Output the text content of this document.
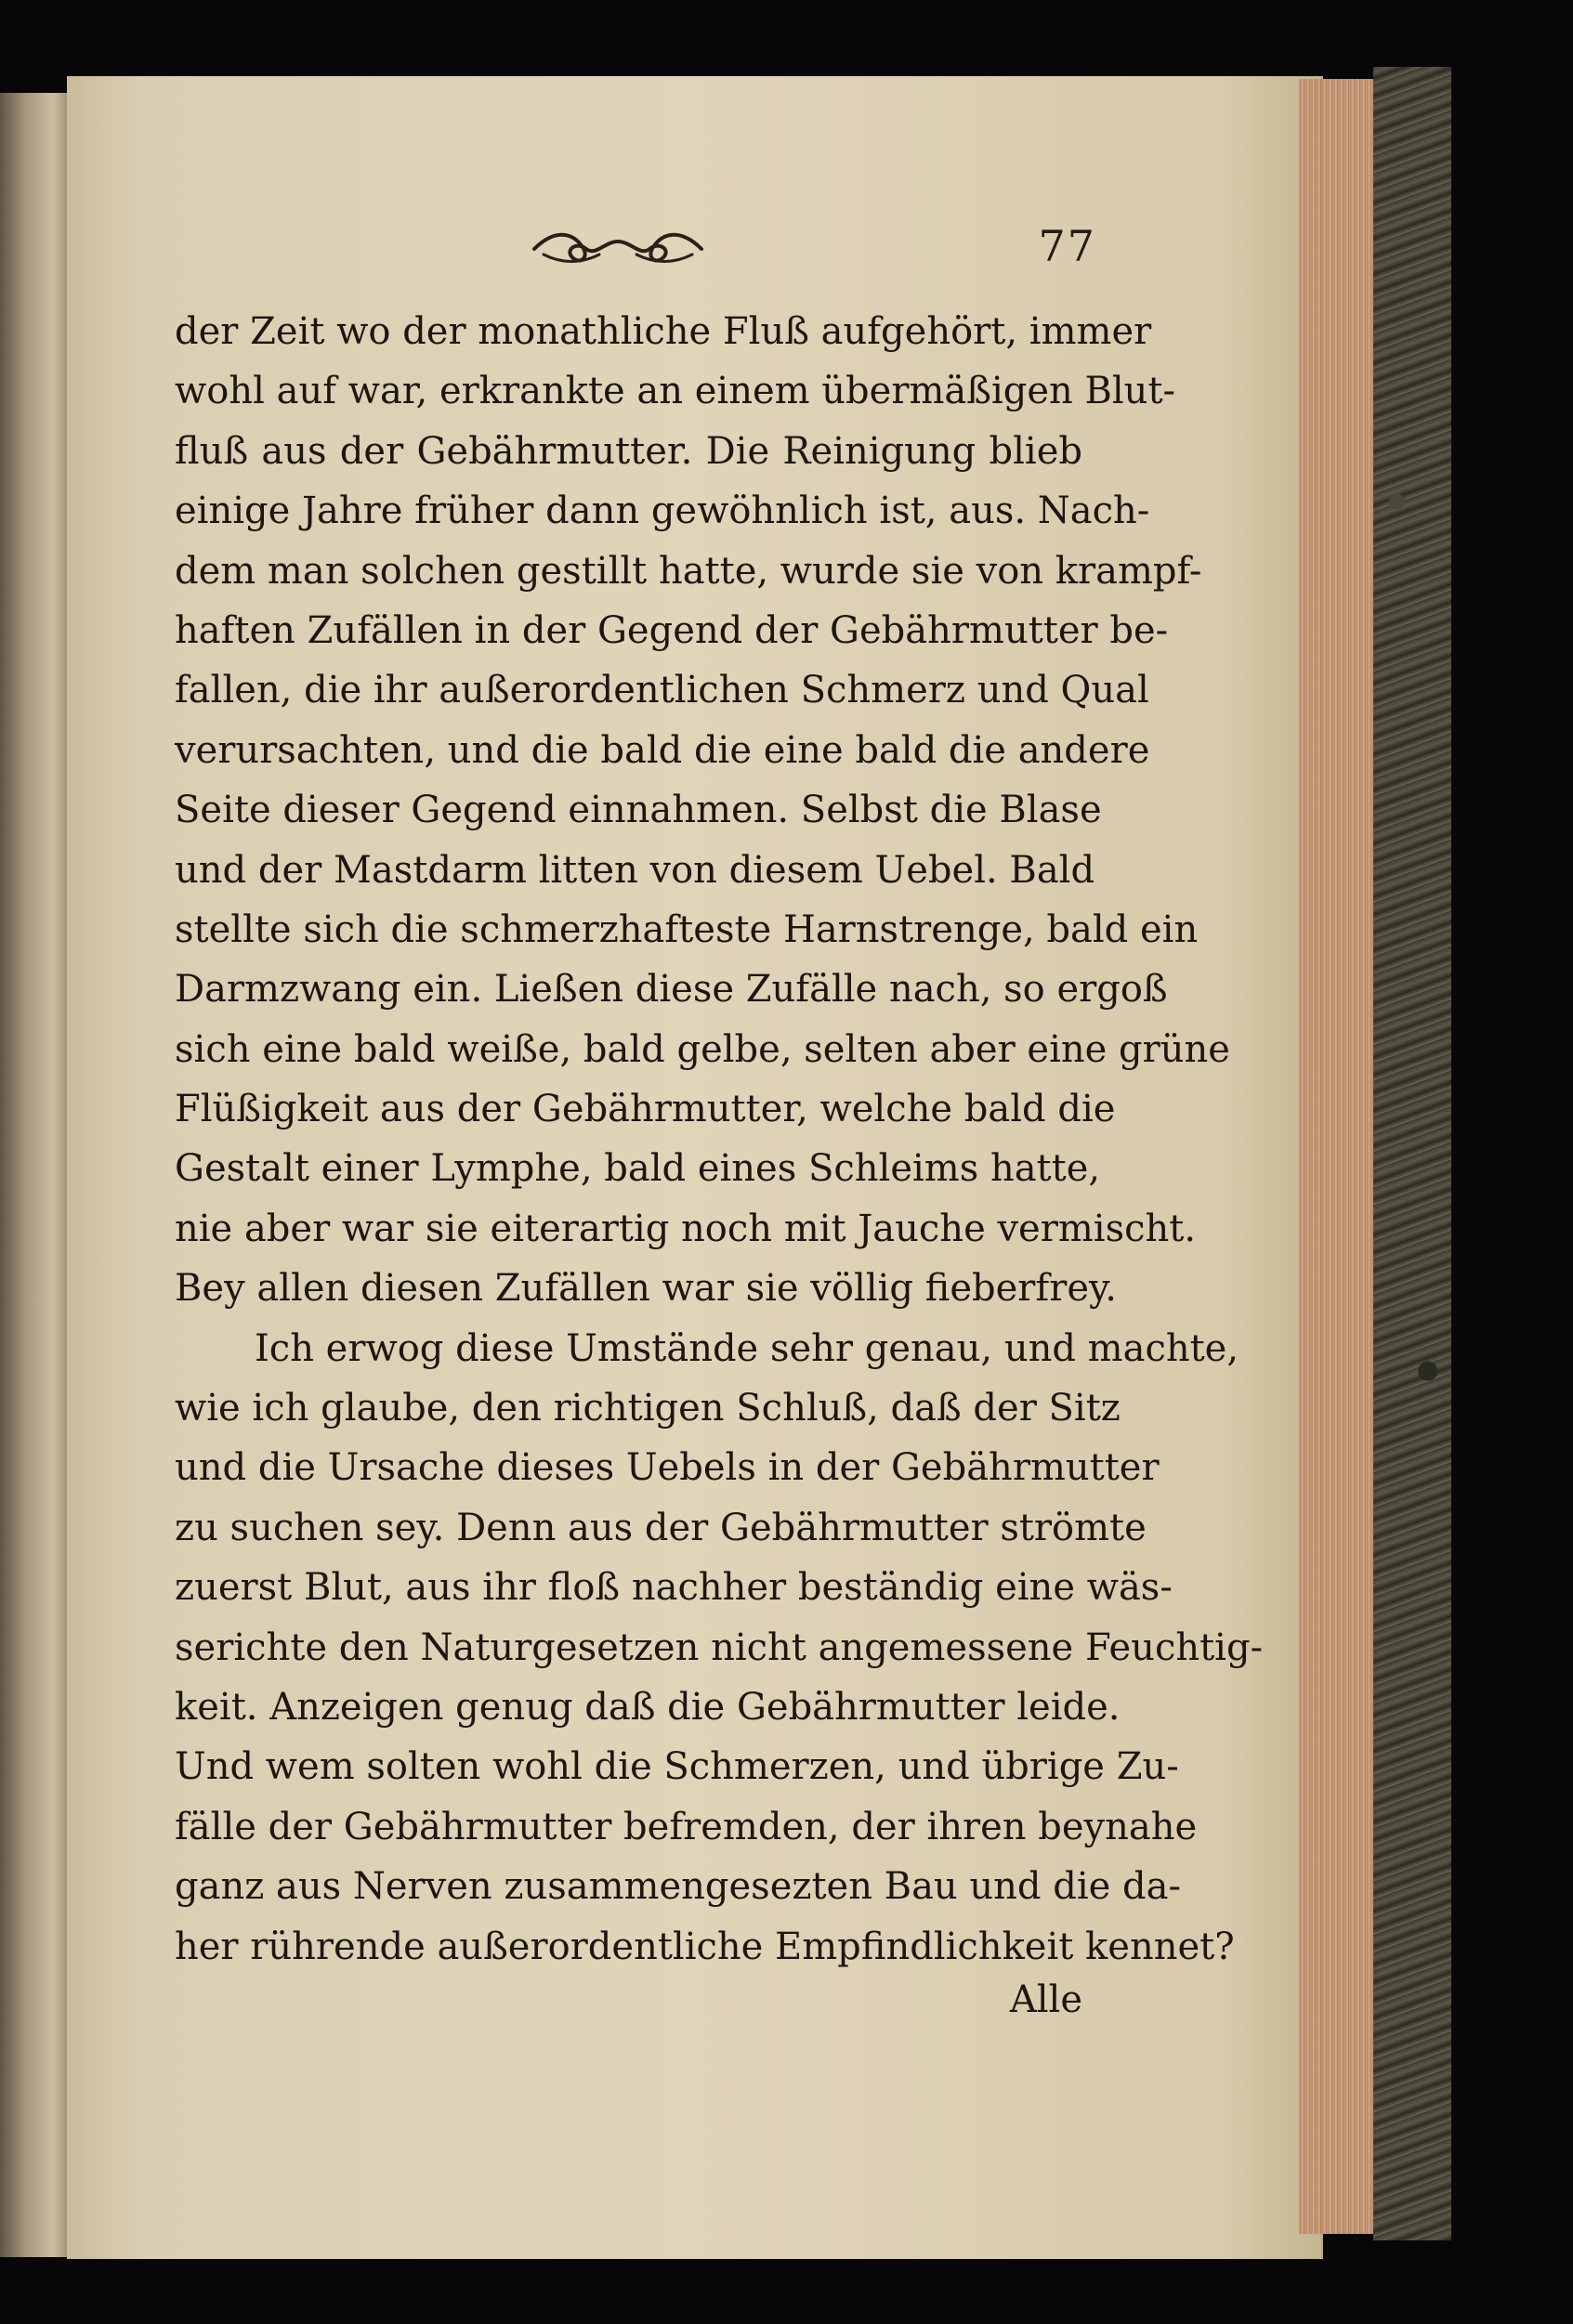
77
der Zeit wo der monathliche Fluß aufgehört, immer
wohl auf war, erkrankte an einem übermäßigen Blut-
fluß aus der Gebährmutter. Die Reinigung blieb
einige Jahre früher dann gewöhnlich ist, aus. Nach-
dem man solchen gestillt hatte, wurde sie von krampf-
haften Zufällen in der Gegend der Gebährmutter be-
fallen, die ihr außerordentlichen Schmerz und Qual
verursachten, und die bald die eine bald die andere
Seite dieser Gegend einnahmen. Selbst die Blase
und der Mastdarm litten von diesem Uebel. Bald
stellte sich die schmerzhafteste Harnstrenge, bald ein
Darmzwang ein. Ließen diese Zufälle nach, so ergoß
sich eine bald weiße, bald gelbe, selten aber eine grüne
Flüßigkeit aus der Gebährmutter, welche bald die
Gestalt einer Lymphe, bald eines Schleims hatte,
nie aber war sie eiterartig noch mit Jauche vermischt.
Bey allen diesen Zufällen war sie völlig fieberfrey.
Ich erwog diese Umstände sehr genau, und machte,
wie ich glaube, den richtigen Schluß, daß der Sitz
und die Ursache dieses Uebels in der Gebährmutter
zu suchen sey. Denn aus der Gebährmutter strömte
zuerst Blut, aus ihr floß nachher beständig eine wäs-
serichte den Naturgesetzen nicht angemessene Feuchtig-
keit. Anzeigen genug daß die Gebährmutter leide.
Und wem solten wohl die Schmerzen, und übrige Zu-
fälle der Gebährmutter befremden, der ihren beynahe
ganz aus Nerven zusammengesezten Bau und die da-
her rührende außerordentliche Empfindlichkeit kennet?
Alle
